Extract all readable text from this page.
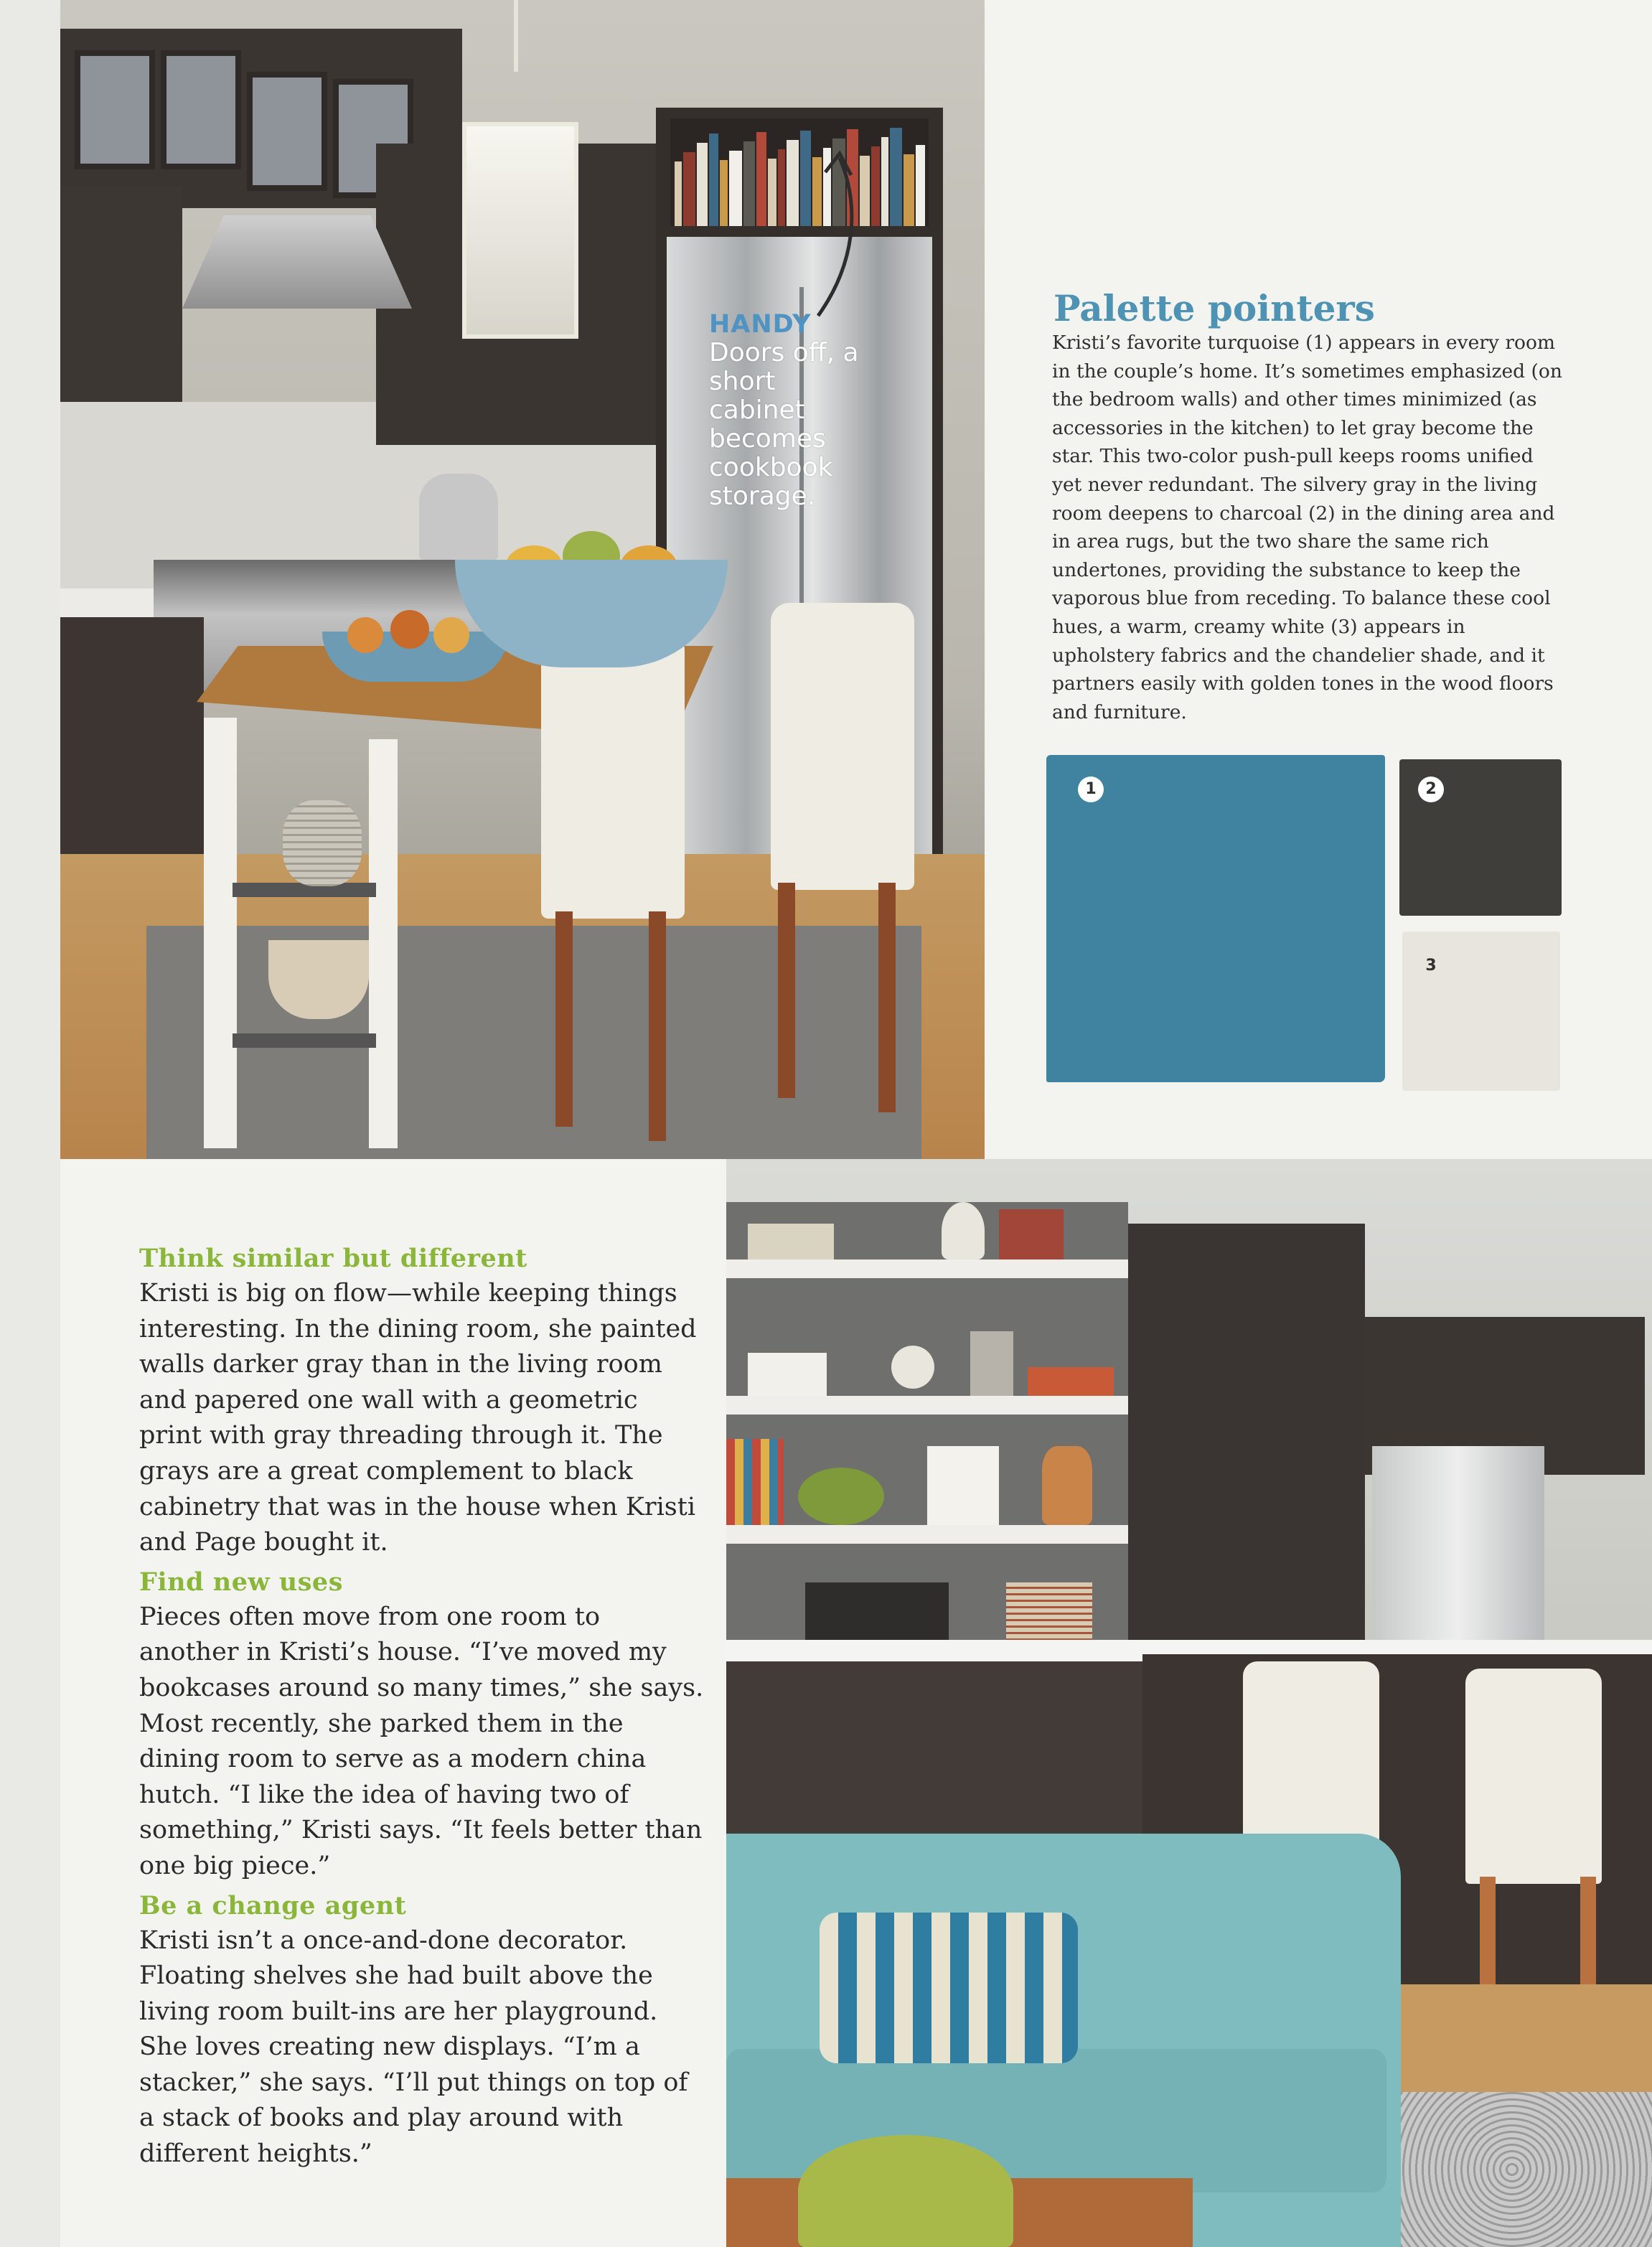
HANDY
Doors off, a short cabinet becomes cookbook storage.
Palette pointers

Kristi’s favorite turquoise (1) appears in every room in the couple’s home. It’s sometimes emphasized (on the bedroom walls) and other times minimized (as accessories in the kitchen) to let gray become the star. This two-color push-pull keeps rooms unified yet never redundant. The silvery gray in the living room deepens to charcoal (2) in the dining area and in area rugs, but the two share the same rich undertones, providing the substance to keep the vaporous blue from receding. To balance these cool hues, a warm, creamy white (3) appears in upholstery fabrics and the chandelier shade, and it partners easily with golden tones in the wood floors and furniture.

1	2
3
Think similar but different

Kristi is big on flow—while keeping things interesting. In the dining room, she painted walls darker gray than in the living room and papered one wall with a geometric print with gray threading through it. The grays are a great complement to black cabinetry that was in the house when Kristi and Page bought it.

Find new uses

Pieces often move from one room to another in Kristi’s house. “I’ve moved my bookcases around so many times,” she says. Most recently, she parked them in the dining room to serve as a modern china hutch. “I like the idea of having two of something,” Kristi says. “It feels better than one big piece.”

Be a change agent

Kristi isn’t a once-and-done decorator. Floating shelves she had built above the living room built-ins are her playground. She loves creating new displays. “I’m a stacker,” she says. “I’ll put things on top of a stack of books and play around with different heights.”
